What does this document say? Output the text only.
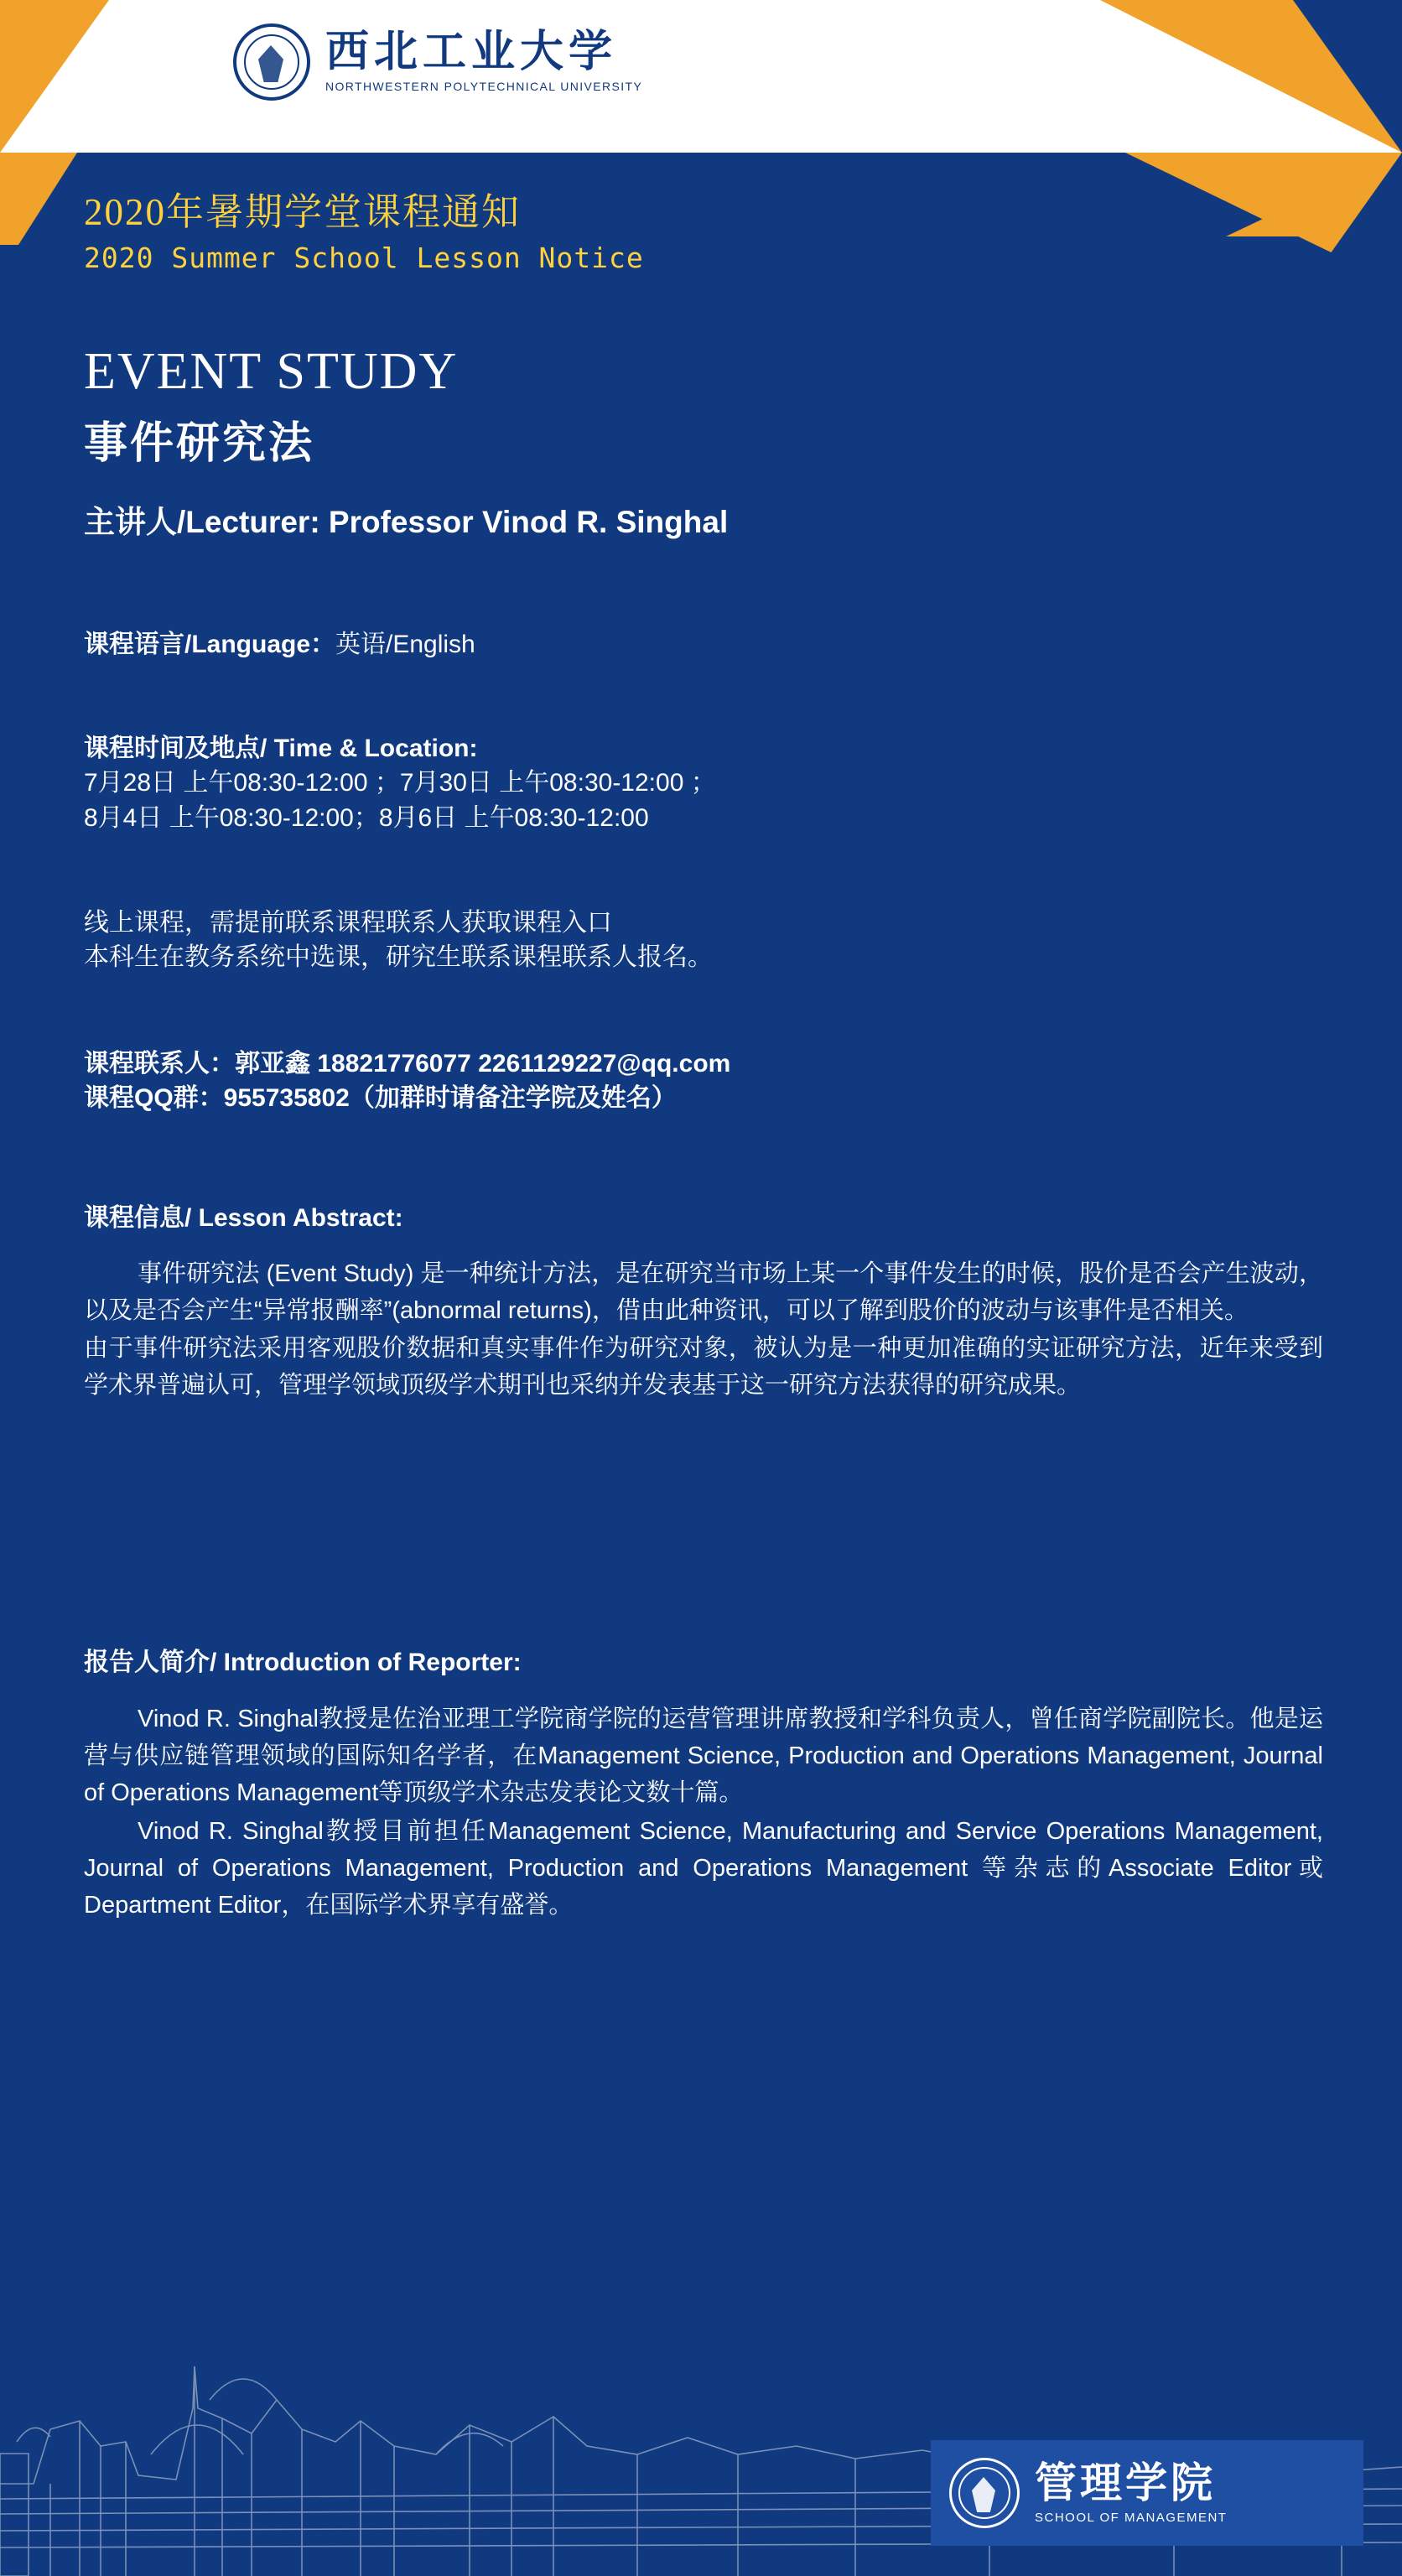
西北工业大学
NORTHWESTERN POLYTECHNICAL UNIVERSITY
2020年暑期学堂课程通知
2020 Summer School Lesson Notice
EVENT STUDY
事件研究法
主讲人/Lecturer: Professor Vinod R. Singhal
课程语言/Language：英语/English
课程时间及地点/ Time & Location:
7月28日 上午08:30-12:00 ；7月30日 上午08:30-12:00 ；
8月4日 上午08:30-12:00；8月6日 上午08:30-12:00
线上课程，需提前联系课程联系人获取课程入口
本科生在教务系统中选课，研究生联系课程联系人报名。
课程联系人：郭亚鑫 18821776077 2261129227@qq.com
课程QQ群：955735802（加群时请备注学院及姓名）
课程信息/ Lesson Abstract:

事件研究法 (Event Study) 是一种统计方法，是在研究当市场上某一个事件发生的时候，股价是否会产生波动，以及是否会产生“异常报酬率”(abnormal returns)，借由此种资讯，可以了解到股价的波动与该事件是否相关。

由于事件研究法采用客观股价数据和真实事件作为研究对象，被认为是一种更加准确的实证研究方法，近年来受到学术界普遍认可，管理学领域顶级学术期刊也采纳并发表基于这一研究方法获得的研究成果。

报告人简介/ Introduction of Reporter:

Vinod R. Singhal教授是佐治亚理工学院商学院的运营管理讲席教授和学科负责人，曾任商学院副院长。他是运营与供应链管理领域的国际知名学者，在Management Science, Production and Operations Management, Journal of Operations Management等顶级学术杂志发表论文数十篇。

Vinod R. Singhal教授目前担任Management Science, Manufacturing and Service Operations Management, Journal of Operations Management, Production and Operations Management 等杂志的Associate Editor或Department Editor，在国际学术界享有盛誉。

管理学院
SCHOOL OF MANAGEMENT
